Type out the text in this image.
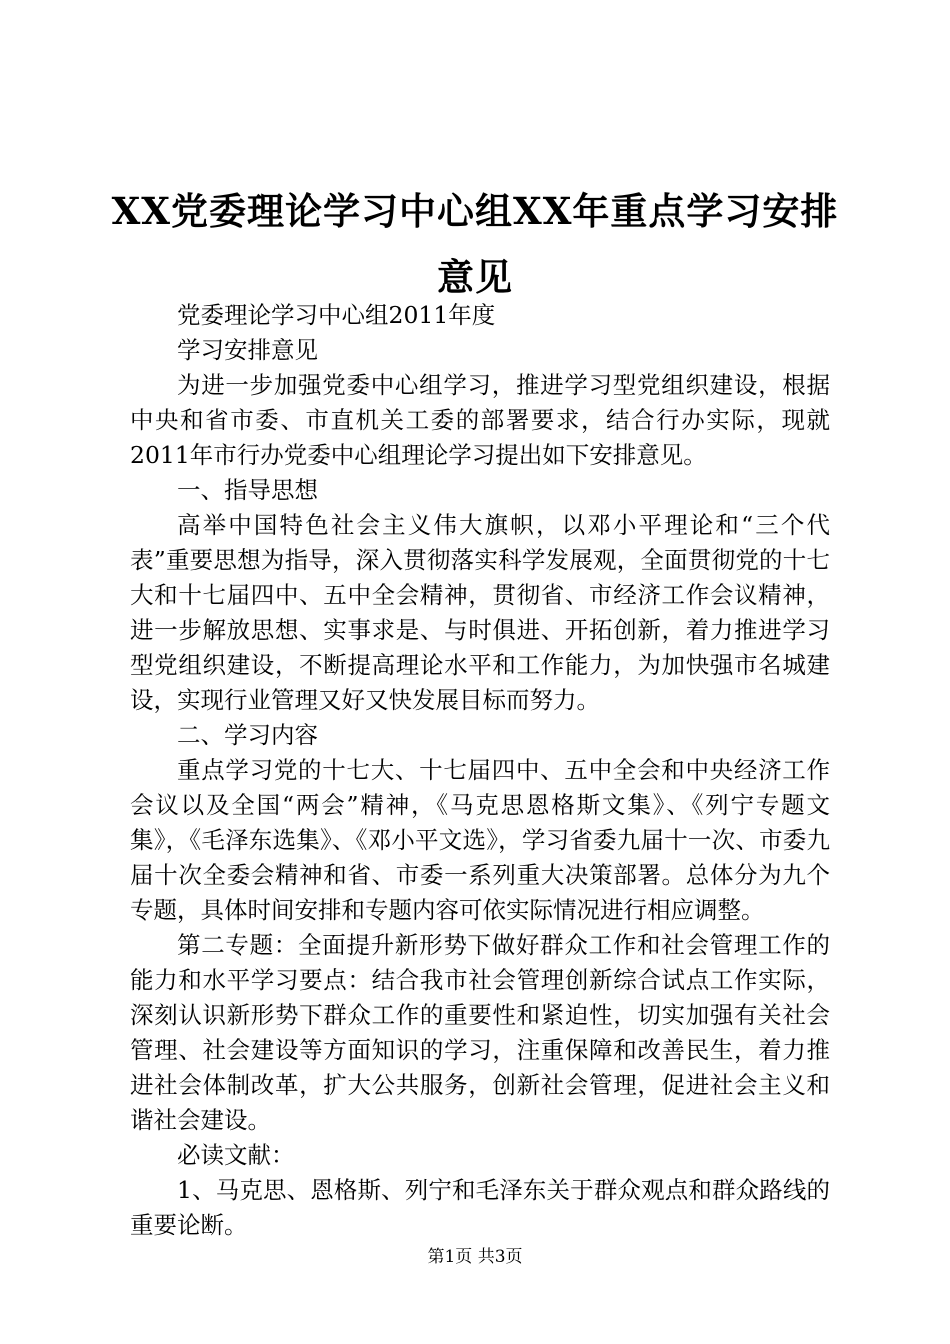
XX党委理论学习中心组XX年重点学习安排意见

党委理论学习中心组2011年度

学习安排意见

为进一步加强党委中心组学习，推进学习型党组织建设，根据中央和省市委、市直机关工委的部署要求，结合行办实际，现就2011年市行办党委中心组理论学习提出如下安排意见。

一、指导思想

高举中国特色社会主义伟大旗帜，以邓小平理论和“三个代表”重要思想为指导，深入贯彻落实科学发展观，全面贯彻党的十七大和十七届四中、五中全会精神，贯彻省、市经济工作会议精神，进一步解放思想、实事求是、与时俱进、开拓创新，着力推进学习型党组织建设，不断提高理论水平和工作能力，为加快强市名城建设，实现行业管理又好又快发展目标而努力。

二、学习内容

重点学习党的十七大、十七届四中、五中全会和中央经济工作会议以及全国“两会”精神，《马克思恩格斯文集》、《列宁专题文集》，《毛泽东选集》、《邓小平文选》，学习省委九届十一次、市委九届十次全委会精神和省、市委一系列重大决策部署。总体分为九个专题，具体时间安排和专题内容可依实际情况进行相应调整。

第二专题：全面提升新形势下做好群众工作和社会管理工作的能力和水平学习要点：结合我市社会管理创新综合试点工作实际，深刻认识新形势下群众工作的重要性和紧迫性，切实加强有关社会管理、社会建设等方面知识的学习，注重保障和改善民生，着力推进社会体制改革，扩大公共服务，创新社会管理，促进社会主义和谐社会建设。

必读文献：

1、马克思、恩格斯、列宁和毛泽东关于群众观点和群众路线的重要论断。

第1页 共3页
